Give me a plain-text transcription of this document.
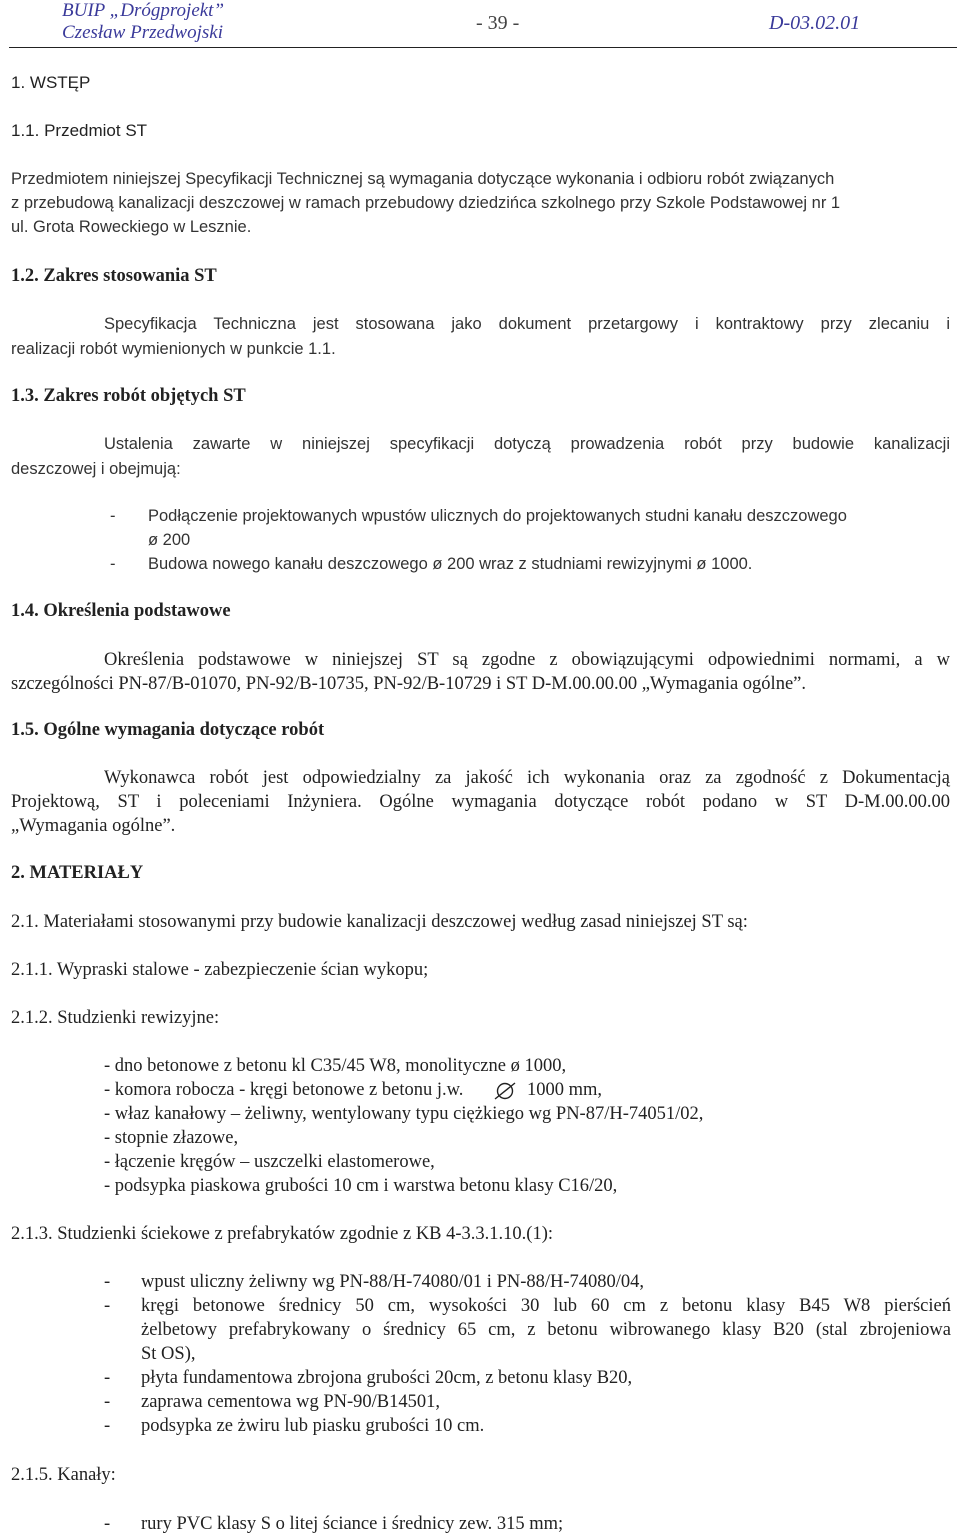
BUIP „Drógprojekt”
Czesław Przedwojski	- 39 -	D-03.02.01
1. WSTĘP
1.1. Przedmiot ST
Przedmiotem niniejszej Specyfikacji Technicznej są wymagania dotyczące wykonania i odbioru robót związanych
z przebudową kanalizacji deszczowej w ramach przebudowy dziedzińca szkolnego przy Szkole Podstawowej nr 1
ul. Grota Roweckiego w Lesznie.
1.2. Zakres stosowania ST
Specyfikacja Techniczna jest stosowana jako dokument przetargowy i kontraktowy przy zlecaniu i
realizacji robót wymienionych w punkcie 1.1.
1.3. Zakres robót objętych ST
Ustalenia zawarte w niniejszej specyfikacji dotyczą prowadzenia robót przy budowie kanalizacji
deszczowej i obejmują:
- Podłączenie projektowanych wpustów ulicznych do projektowanych studni kanału deszczowego
ø 200
- Budowa nowego kanału deszczowego ø 200 wraz z studniami rewizyjnymi ø 1000.
1.4. Określenia podstawowe
Określenia podstawowe w niniejszej ST są zgodne z obowiązującymi odpowiednimi normami, a w
szczególności PN-87/B-01070, PN-92/B-10735, PN-92/B-10729 i ST D-M.00.00.00 „Wymagania ogólne”.
1.5. Ogólne wymagania dotyczące robót
Wykonawca robót jest odpowiedzialny za jakość ich wykonania oraz za zgodność z Dokumentacją
Projektową, ST i poleceniami Inżyniera. Ogólne wymagania dotyczące robót podano w ST D-M.00.00.00
„Wymagania ogólne”.
2. MATERIAŁY
2.1. Materiałami stosowanymi przy budowie kanalizacji deszczowej według zasad niniejszej ST są:
2.1.1. Wypraski stalowe - zabezpieczenie ścian wykopu;
2.1.2. Studzienki rewizyjne:
- dno betonowe z betonu kl C35/45 W8, monolityczne ø 1000,
- komora robocza - kręgi betonowe z betonu j.w.	1000 mm,
- właz kanałowy – żeliwny, wentylowany typu ciężkiego wg PN-87/H-74051/02,
- stopnie złazowe,
- łączenie kręgów – uszczelki elastomerowe,
- podsypka piaskowa grubości 10 cm i warstwa betonu klasy C16/20,
2.1.3. Studzienki ściekowe z prefabrykatów zgodnie z KB 4-3.3.1.10.(1):
- wpust uliczny żeliwny wg PN-88/H-74080/01 i PN-88/H-74080/04,
- kręgi betonowe średnicy 50 cm, wysokości 30 lub 60 cm z betonu klasy B45 W8 pierścień
żelbetowy prefabrykowany o średnicy 65 cm, z betonu wibrowanego klasy B20 (stal zbrojeniowa
St OS),
- płyta fundamentowa zbrojona grubości 20cm, z betonu klasy B20,
- zaprawa cementowa wg PN-90/B14501,
- podsypka ze żwiru lub piasku grubości 10 cm.
2.1.5. Kanały:
- rury PVC klasy S o litej ściance i średnicy zew. 315 mm;
